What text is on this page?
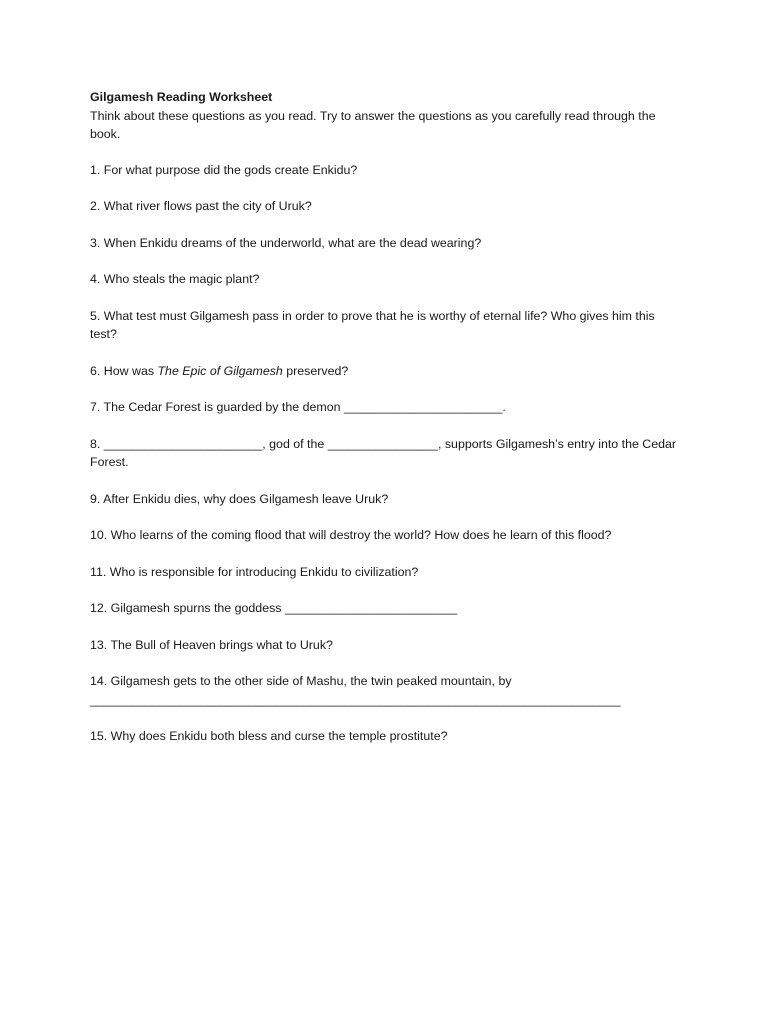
Gilgamesh Reading Worksheet

Think about these questions as you read. Try to answer the questions as you carefully read through the book.

1. For what purpose did the gods create Enkidu?

2. What river flows past the city of Uruk?

3. When Enkidu dreams of the underworld, what are the dead wearing?

4. Who steals the magic plant?

5. What test must Gilgamesh pass in order to prove that he is worthy of eternal life? Who gives him this test?

6. How was The Epic of Gilgamesh preserved?

7. The Cedar Forest is guarded by the demon _______________________.

8. _______________________, god of the ________________, supports Gilgamesh’s entry into the Cedar Forest.

9. After Enkidu dies, why does Gilgamesh leave Uruk?

10. Who learns of the coming flood that will destroy the world? How does he learn of this flood?

11. Who is responsible for introducing Enkidu to civilization?

12. Gilgamesh spurns the goddess _________________________

13. The Bull of Heaven brings what to Uruk?

14. Gilgamesh gets to the other side of Mashu, the twin peaked mountain, by
_____________________________________________________________________________

15. Why does Enkidu both bless and curse the temple prostitute?
